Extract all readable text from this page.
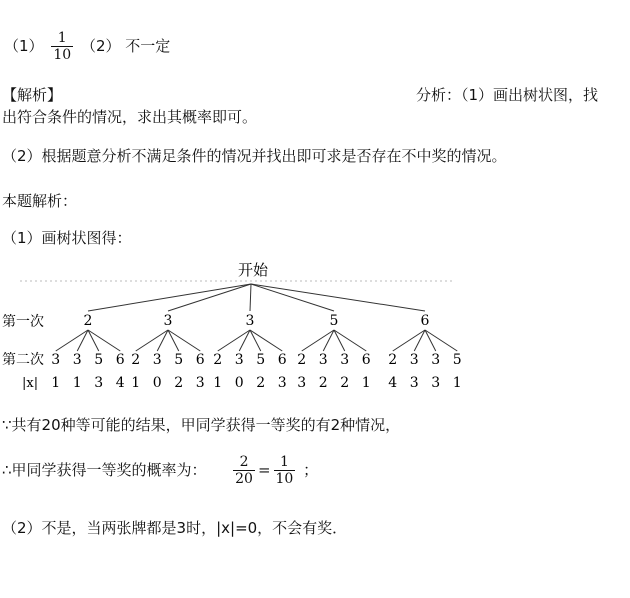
$(1) \frac{1}{10} (2)$ 不一定
【解析】	分析：（1）画出树状图，找
出符合条件的情况，求出其概率即可。
（2）根据题意分析不满足条件的情况并找出即可求是否存在不中奖的情况。
本题解析：
（1）画树状图得：
开始
第一次
第二次
|x|
2
3
1
3
1
5
3
6
4
3
2
1
3
0
5
2
6
3
3
2
1
3
0
5
2
6
3
5
2
3
3
2
3
2
6
1
6
2
4
3
3
3
3
5
1
∵共有20种等可能的结果，甲同学获得一等奖的有2种情况，
∴甲同学获得一等奖的概率为： $\frac{2}{20} = \frac{1}{10}$ ；
（2）不是，当两张牌都是3时，|x|=0，不会有奖．
